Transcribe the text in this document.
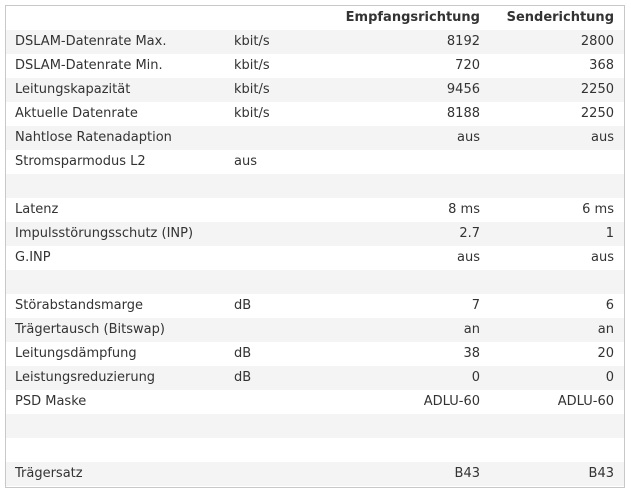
		Empfangsrichtung	Senderichtung
DSLAM-Datenrate Max.	kbit/s	8192	2800
DSLAM-Datenrate Min.	kbit/s	720	368
Leitungskapazität	kbit/s	9456	2250
Aktuelle Datenrate	kbit/s	8188	2250
Nahtlose Ratenadaption		aus	aus
Stromsparmodus L2	aus		

Latenz		8 ms	6 ms
Impulsstörungsschutz (INP)		2.7	1
G.INP		aus	aus

Störabstandsmarge	dB	7	6
Trägertausch (Bitswap)		an	an
Leitungsdämpfung	dB	38	20
Leistungsreduzierung	dB	0	0
PSD Maske		ADLU-60	ADLU-60

Trägersatz		B43	B43
